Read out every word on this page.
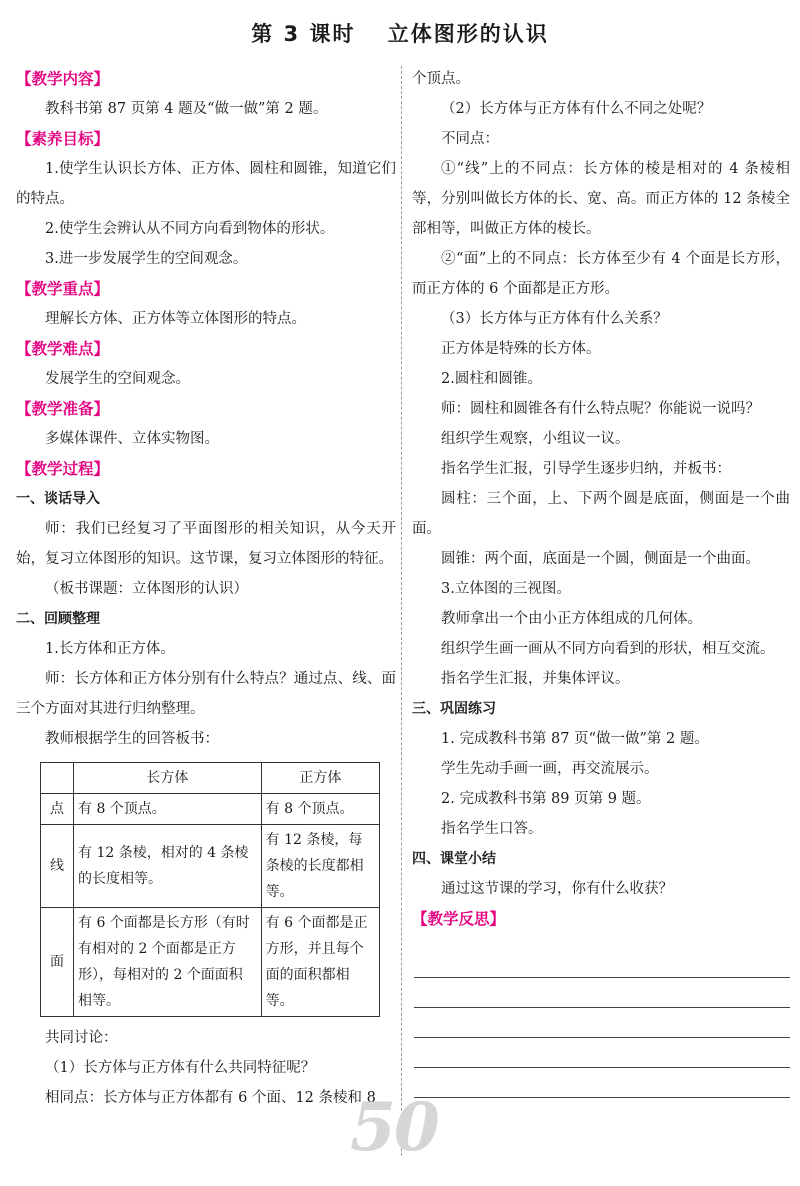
第 3 课时　 立体图形的认识
【教学内容】

教科书第 87 页第 4 题及“做一做”第 2 题。

【素养目标】

1.使学生认识长方体、正方体、圆柱和圆锥，知道它们的特点。

2.使学生会辨认从不同方向看到物体的形状。

3.进一步发展学生的空间观念。

【教学重点】

理解长方体、正方体等立体图形的特点。

【教学难点】

发展学生的空间观念。

【教学准备】

多媒体课件、立体实物图。

【教学过程】
一、谈话导入

师：我们已经复习了平面图形的相关知识，从今天开始，复习立体图形的知识。这节课，复习立体图形的特征。

（板书课题：立体图形的认识）

二、回顾整理

1.长方体和正方体。

师：长方体和正方体分别有什么特点？通过点、线、面三个方面对其进行归纳整理。

教师根据学生的回答板书：

	长方体	正方体
点	有 8 个顶点。	有 8 个顶点。
线	有 12 条棱，相对的 4 条棱的长度相等。	有 12 条棱，每条棱的长度都相等。
面	有 6 个面都是长方形（有时有相对的 2 个面都是正方形），每相对的 2 个面面积相等。	有 6 个面都是正方形，并且每个面的面积都相等。

共同讨论：

（1）长方体与正方体有什么共同特征呢？

相同点：长方体与正方体都有 6 个面、12 条棱和 8

个顶点。

（2）长方体与正方体有什么不同之处呢？

不同点：

①“线”上的不同点：长方体的棱是相对的 4 条棱相等，分别叫做长方体的长、宽、高。而正方体的 12 条棱全部相等，叫做正方体的棱长。

②“面”上的不同点：长方体至少有 4 个面是长方形，而正方体的 6 个面都是正方形。

（3）长方体与正方体有什么关系？

正方体是特殊的长方体。

2.圆柱和圆锥。

师：圆柱和圆锥各有什么特点呢？你能说一说吗？

组织学生观察，小组议一议。

指名学生汇报，引导学生逐步归纳，并板书：

圆柱：三个面，上、下两个圆是底面，侧面是一个曲面。

圆锥：两个面，底面是一个圆，侧面是一个曲面。

3.立体图的三视图。

教师拿出一个由小正方体组成的几何体。

组织学生画一画从不同方向看到的形状，相互交流。

指名学生汇报，并集体评议。

三、巩固练习

1. 完成教科书第 87 页“做一做”第 2 题。

学生先动手画一画，再交流展示。

2. 完成教科书第 89 页第 9 题。

指名学生口答。

四、课堂小结

通过这节课的学习，你有什么收获？

【教学反思】
50
